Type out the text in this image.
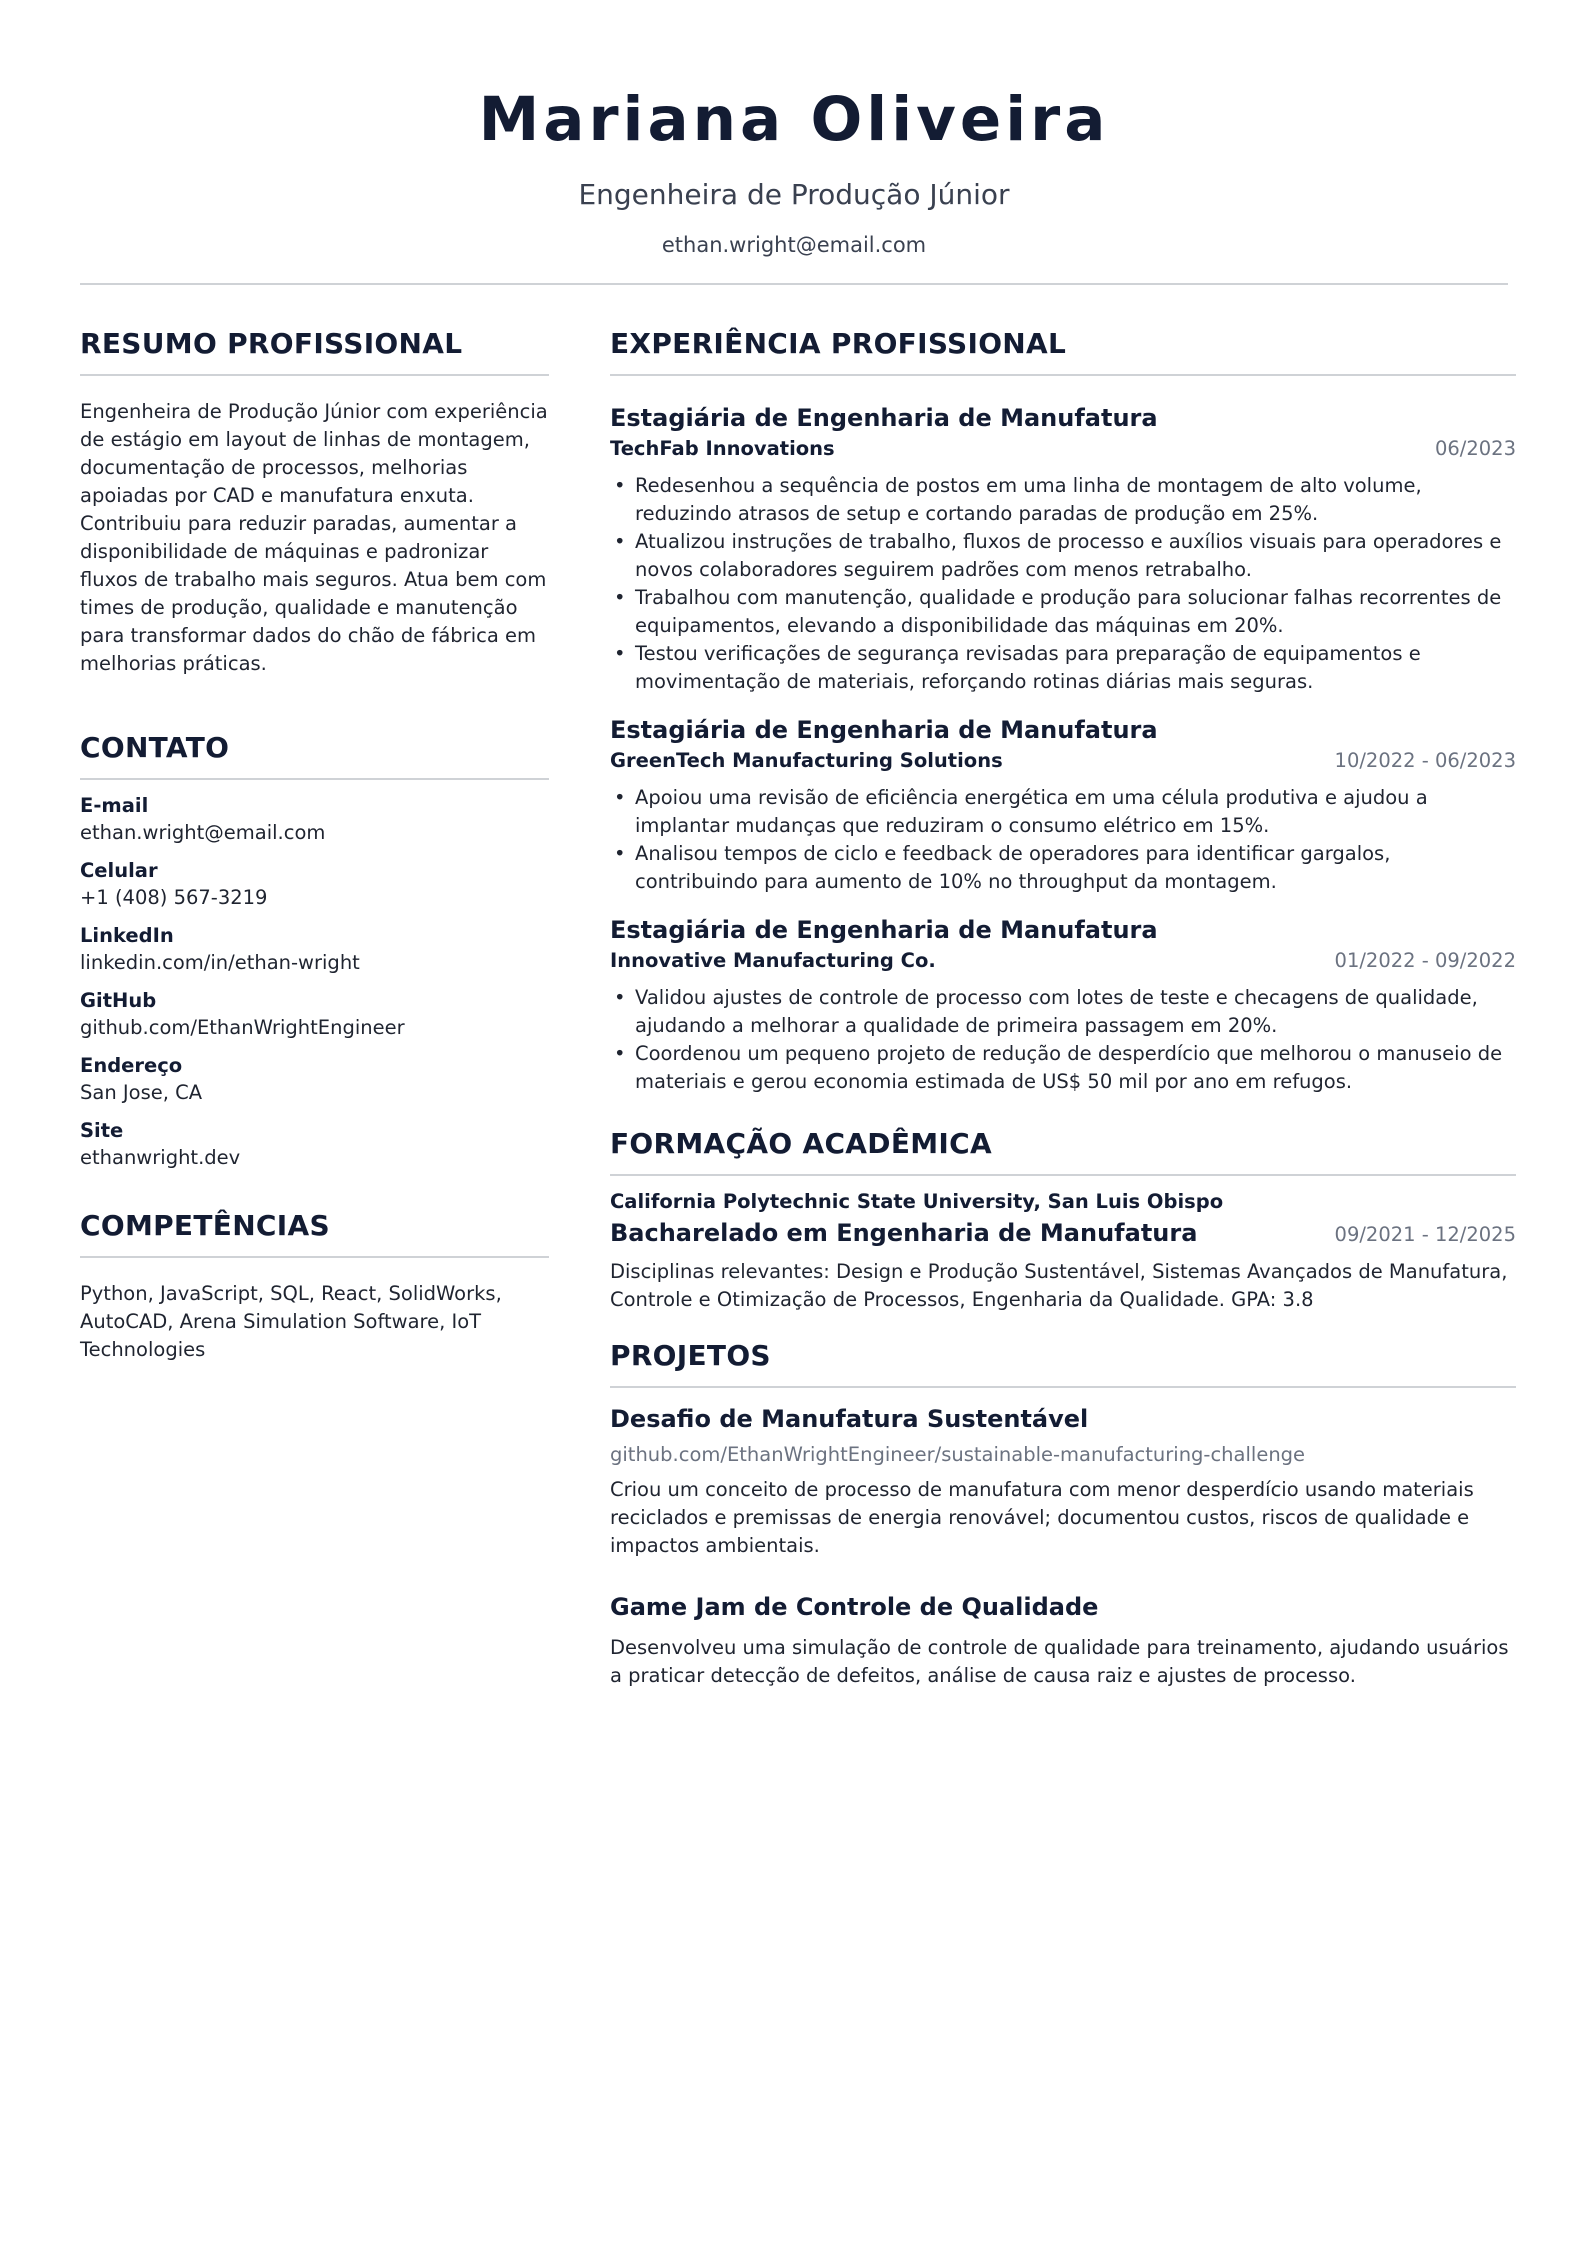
Mariana Oliveira
Engenheira de Produção Júnior
ethan.wright@email.com
RESUMO PROFISSIONAL

Engenheira de Produção Júnior com experiência de estágio em layout de linhas de montagem, documentação de processos, melhorias apoiadas por CAD e manufatura enxuta. Contribuiu para reduzir paradas, aumentar a disponibilidade de máquinas e padronizar fluxos de trabalho mais seguros. Atua bem com times de produção, qualidade e manutenção para transformar dados do chão de fábrica em melhorias práticas.

CONTATO
E-mail
ethan.wright@email.com
Celular
+1 (408) 567-3219
LinkedIn
linkedin.com/in/ethan-wright
GitHub
github.com/EthanWrightEngineer
Endereço
San Jose, CA
Site
ethanwright.dev
COMPETÊNCIAS

Python, JavaScript, SQL, React, SolidWorks, AutoCAD, Arena Simulation Software, IoT Technologies

EXPERIÊNCIA PROFISSIONAL
Estagiária de Engenharia de Manufatura
TechFab Innovations	06/2023
• Redesenhou a sequência de postos em uma linha de montagem de alto volume, reduzindo atrasos de setup e cortando paradas de produção em 25%.
• Atualizou instruções de trabalho, fluxos de processo e auxílios visuais para operadores e novos colaboradores seguirem padrões com menos retrabalho.
• Trabalhou com manutenção, qualidade e produção para solucionar falhas recorrentes de equipamentos, elevando a disponibilidade das máquinas em 20%.
• Testou verificações de segurança revisadas para preparação de equipamentos e movimentação de materiais, reforçando rotinas diárias mais seguras.
Estagiária de Engenharia de Manufatura
GreenTech Manufacturing Solutions	10/2022 - 06/2023
• Apoiou uma revisão de eficiência energética em uma célula produtiva e ajudou a implantar mudanças que reduziram o consumo elétrico em 15%.
• Analisou tempos de ciclo e feedback de operadores para identificar gargalos, contribuindo para aumento de 10% no throughput da montagem.
Estagiária de Engenharia de Manufatura
Innovative Manufacturing Co.	01/2022 - 09/2022
• Validou ajustes de controle de processo com lotes de teste e checagens de qualidade, ajudando a melhorar a qualidade de primeira passagem em 20%.
• Coordenou um pequeno projeto de redução de desperdício que melhorou o manuseio de materiais e gerou economia estimada de US$ 50 mil por ano em refugos.
FORMAÇÃO ACADÊMICA
California Polytechnic State University, San Luis Obispo
Bacharelado em Engenharia de Manufatura	09/2021 - 12/2025

Disciplinas relevantes: Design e Produção Sustentável, Sistemas Avançados de Manufatura, Controle e Otimização de Processos, Engenharia da Qualidade. GPA: 3.8

PROJETOS
Desafio de Manufatura Sustentável
github.com/EthanWrightEngineer/sustainable-manufacturing-challenge

Criou um conceito de processo de manufatura com menor desperdício usando materiais reciclados e premissas de energia renovável; documentou custos, riscos de qualidade e impactos ambientais.

Game Jam de Controle de Qualidade

Desenvolveu uma simulação de controle de qualidade para treinamento, ajudando usuários a praticar detecção de defeitos, análise de causa raiz e ajustes de processo.
